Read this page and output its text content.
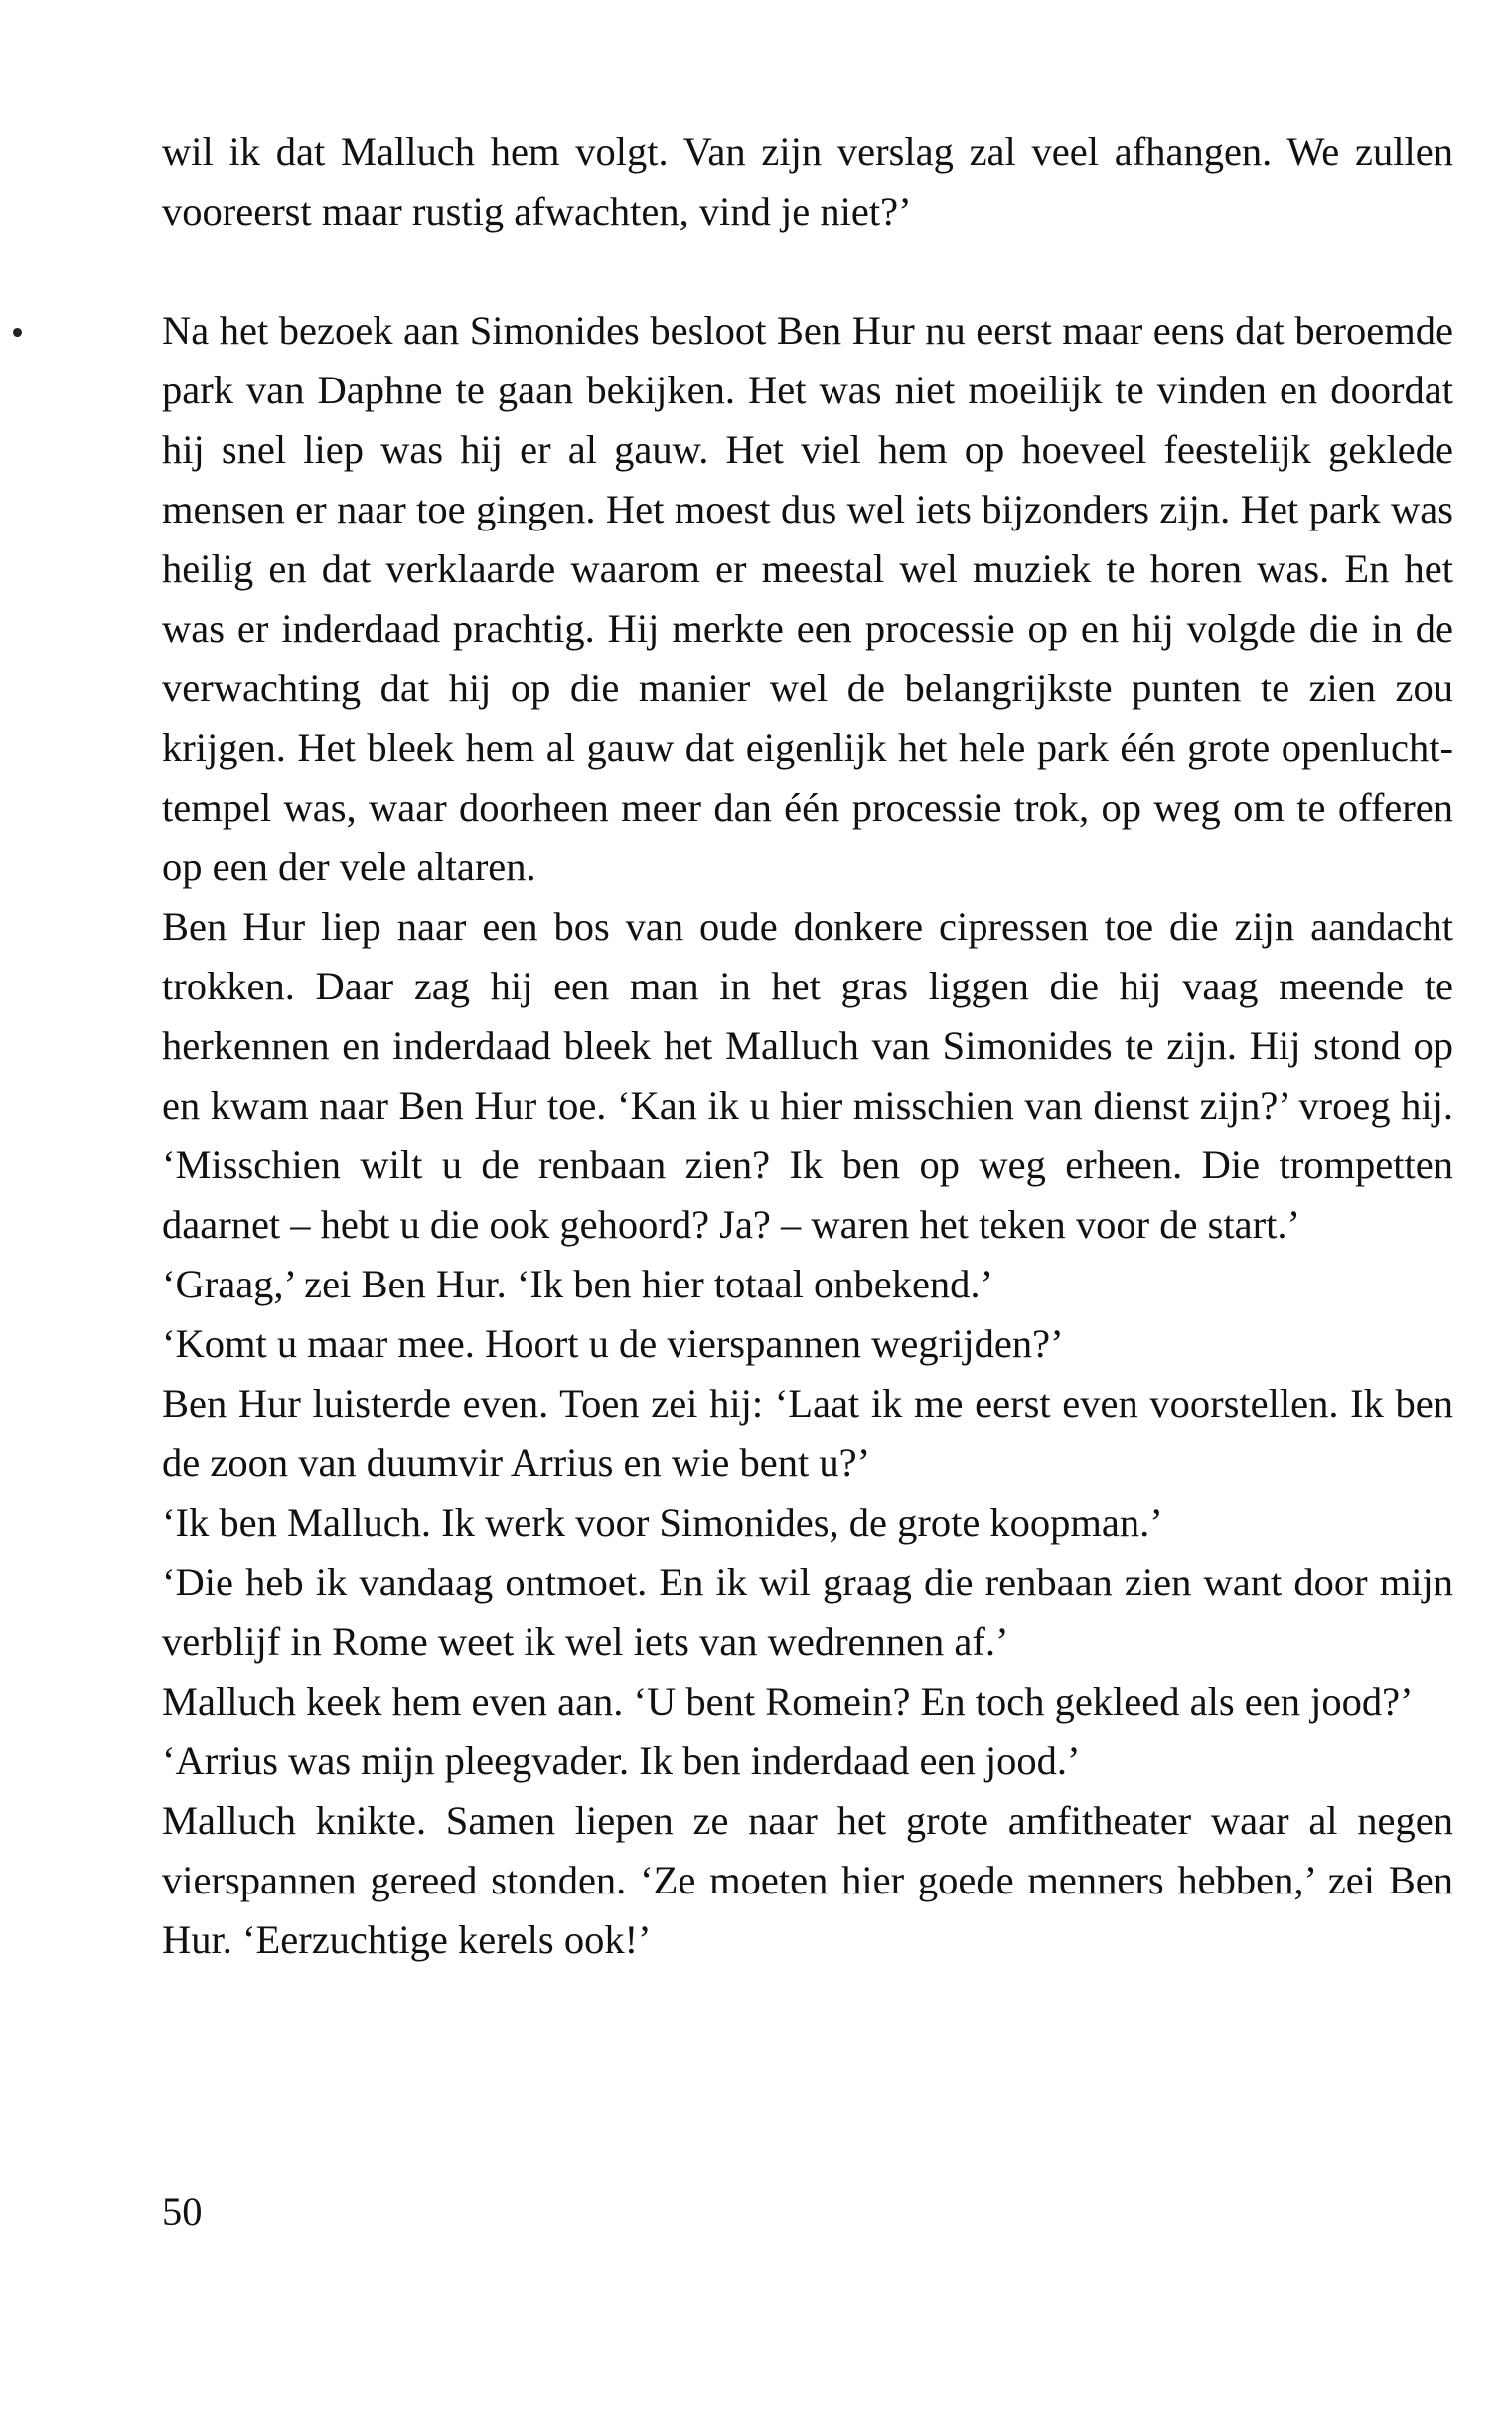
wil ik dat Malluch hem volgt. Van zijn verslag zal veel afhangen. We zullen vooreerst maar rustig afwachten, vind je niet?’

Na het bezoek aan Simonides besloot Ben Hur nu eerst maar eens dat beroemde park van Daphne te gaan bekijken. Het was niet moeilijk te vinden en doordat hij snel liep was hij er al gauw. Het viel hem op hoeveel feestelijk geklede mensen er naar toe gingen. Het moest dus wel iets bijzonders zijn. Het park was heilig en dat verklaarde waarom er meestal wel muziek te horen was. En het was er inderdaad prachtig. Hij merkte een processie op en hij volgde die in de verwachting dat hij op die manier wel de belangrijkste punten te zien zou krijgen. Het bleek hem al gauw dat eigenlijk het hele park één grote openlucht-tempel was, waar doorheen meer dan één processie trok, op weg om te offeren op een der vele altaren.

Ben Hur liep naar een bos van oude donkere cipressen toe die zijn aandacht trokken. Daar zag hij een man in het gras liggen die hij vaag meende te herkennen en inderdaad bleek het Malluch van Simonides te zijn. Hij stond op en kwam naar Ben Hur toe. ‘Kan ik u hier misschien van dienst zijn?’ vroeg hij. ‘Misschien wilt u de renbaan zien? Ik ben op weg erheen. Die trompetten daarnet – hebt u die ook gehoord? Ja? – waren het teken voor de start.’

‘Graag,’ zei Ben Hur. ‘Ik ben hier totaal onbekend.’

‘Komt u maar mee. Hoort u de vierspannen wegrijden?’

Ben Hur luisterde even. Toen zei hij: ‘Laat ik me eerst even voorstellen. Ik ben de zoon van duumvir Arrius en wie bent u?’

‘Ik ben Malluch. Ik werk voor Simonides, de grote koopman.’

‘Die heb ik vandaag ontmoet. En ik wil graag die renbaan zien want door mijn verblijf in Rome weet ik wel iets van wedrennen af.’

Malluch keek hem even aan. ‘U bent Romein? En toch gekleed als een jood?’

‘Arrius was mijn pleegvader. Ik ben inderdaad een jood.’

Malluch knikte. Samen liepen ze naar het grote amfitheater waar al negen vierspannen gereed stonden. ‘Ze moeten hier goede menners hebben,’ zei Ben Hur. ‘Eerzuchtige kerels ook!’

50
